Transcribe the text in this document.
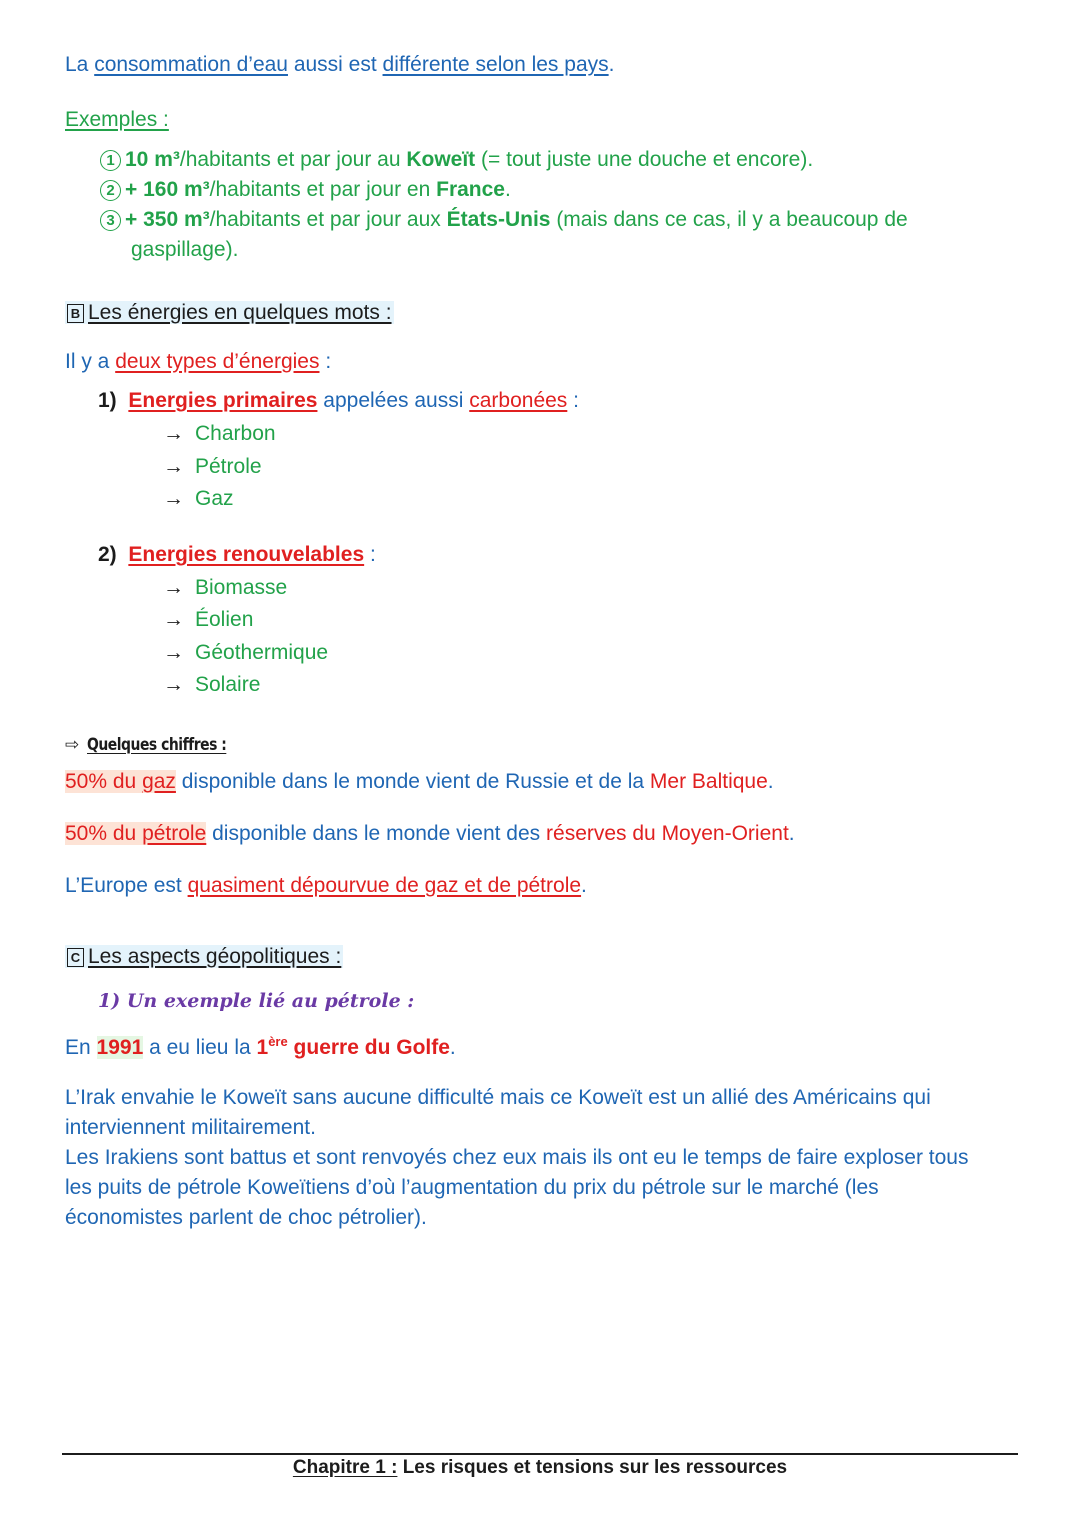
La consommation d’eau aussi est différente selon les pays.
Exemples :
1 10 m³/habitants et par jour au Koweït (= tout juste une douche et encore).
2 + 160 m³/habitants et par jour en France.
3 + 350 m³/habitants et par jour aux États-Unis (mais dans ce cas, il y a beaucoup de
gaspillage).
B Les énergies en quelques mots :
Il y a deux types d’énergies :
1) Energies primaires appelées aussi carbonées :
→ Charbon
→ Pétrole
→ Gaz
2) Energies renouvelables :
→ Biomasse
→ Éolien
→ Géothermique
→ Solaire
⇨ Quelques chiffres :
50% du gaz disponible dans le monde vient de Russie et de la Mer Baltique.
50% du pétrole disponible dans le monde vient des réserves du Moyen-Orient.
L’Europe est quasiment dépourvue de gaz et de pétrole.
C Les aspects géopolitiques :
1) Un exemple lié au pétrole :
En 1991 a eu lieu la 1ère guerre du Golfe.
L’Irak envahie le Koweït sans aucune difficulté mais ce Koweït est un allié des Américains qui
interviennent militairement.
Les Irakiens sont battus et sont renvoyés chez eux mais ils ont eu le temps de faire exploser tous
les puits de pétrole Koweïtiens d’où l’augmentation du prix du pétrole sur le marché (les
économistes parlent de choc pétrolier).
Chapitre 1 : Les risques et tensions sur les ressources
